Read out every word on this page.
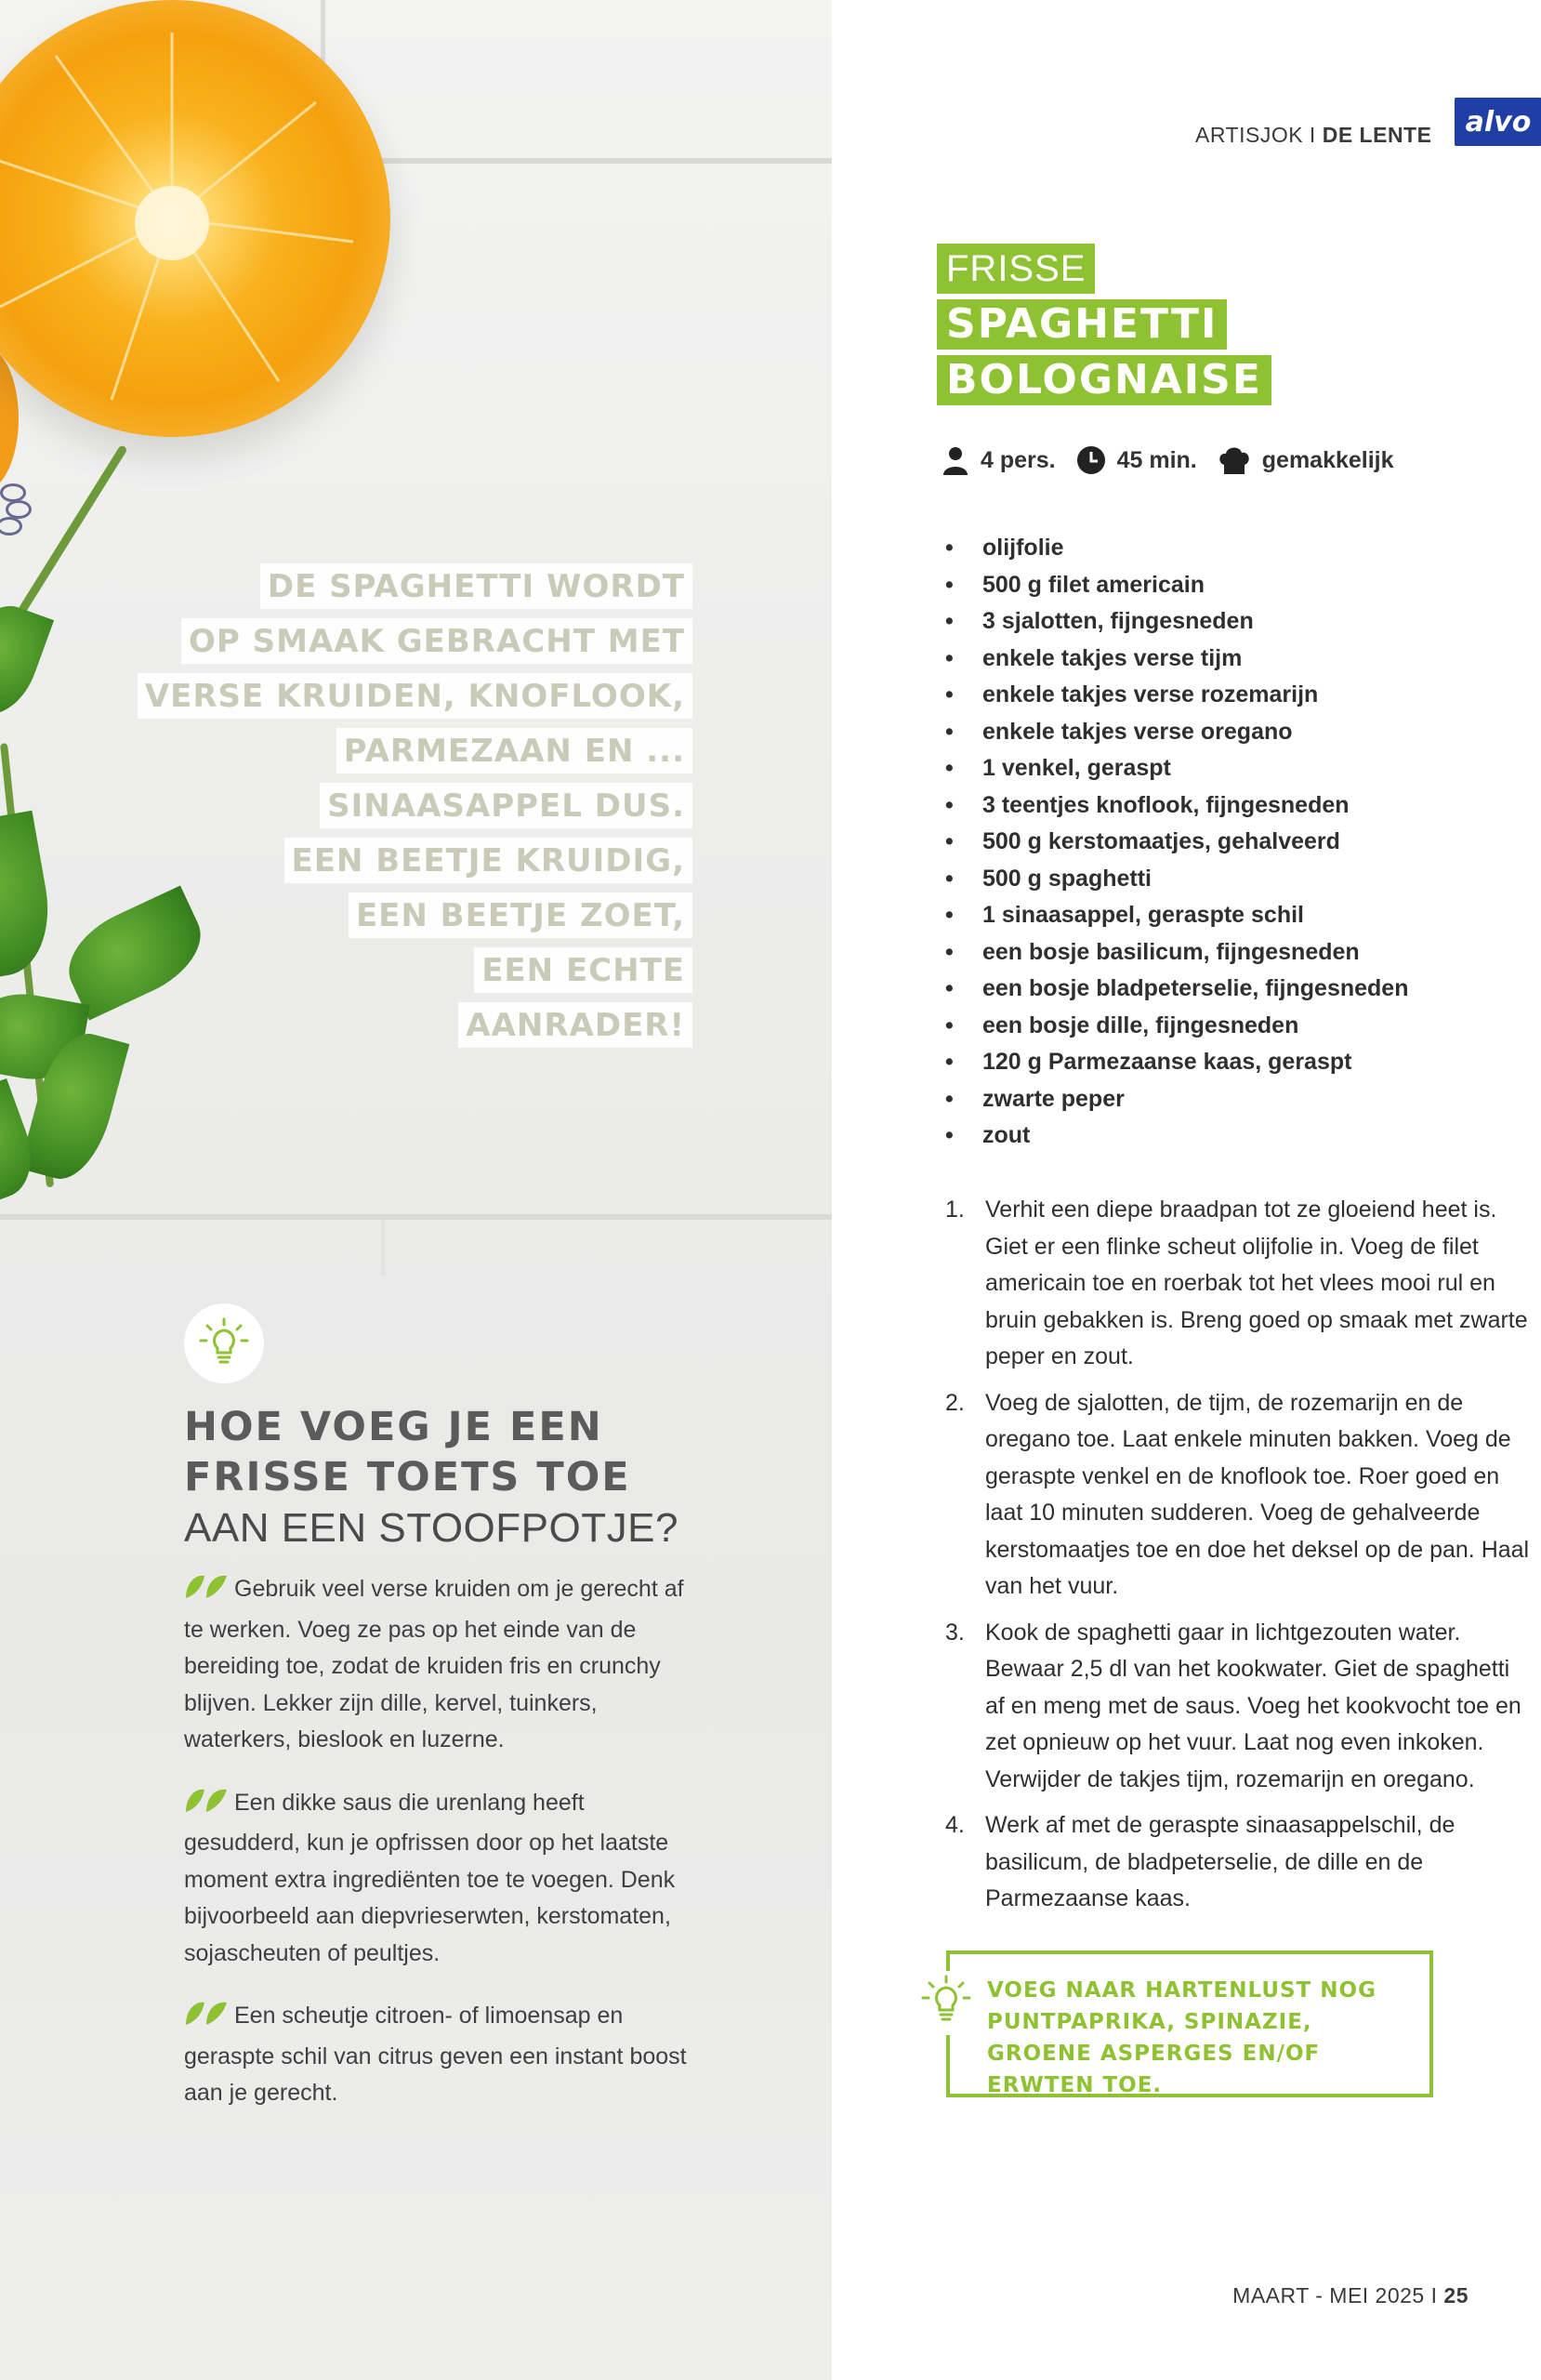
DE SPAGHETTI WORDT
OP SMAAK GEBRACHT MET
VERSE KRUIDEN, KNOFLOOK,
PARMEZAAN EN ...
SINAASAPPEL DUS.
EEN BEETJE KRUIDIG,
EEN BEETJE ZOET,
EEN ECHTE
AANRADER!
HOE VOEG JE EEN
FRISSE TOETS TOE
AAN EEN STOOFPOTJE?
Gebruik veel verse kruiden om je gerecht af te werken. Voeg ze pas op het einde van de bereiding toe, zodat de kruiden fris en crunchy blijven. Lekker zijn dille, kervel, tuinkers, waterkers, bieslook en luzerne.
Een dikke saus die urenlang heeft gesudderd, kun je opfrissen door op het laatste moment extra ingrediënten toe te voegen. Denk bijvoorbeeld aan diepvrieserwten, kerstomaten, sojascheuten of peultjes.
Een scheutje citroen- of limoensap en geraspte schil van citrus geven een instant boost aan je gerecht.
ARTISJOK I DE LENTE alvo
FRISSE
SPAGHETTI
BOLOGNAISE
4 pers.	45 min.	gemakkelijk
• olijfolie
• 500 g filet americain
• 3 sjalotten, fijngesneden
• enkele takjes verse tijm
• enkele takjes verse rozemarijn
• enkele takjes verse oregano
• 1 venkel, geraspt
• 3 teentjes knoflook, fijngesneden
• 500 g kerstomaatjes, gehalveerd
• 500 g spaghetti
• 1 sinaasappel, geraspte schil
• een bosje basilicum, fijngesneden
• een bosje bladpeterselie, fijngesneden
• een bosje dille, fijngesneden
• 120 g Parmezaanse kaas, geraspt
• zwarte peper
• zout
1. Verhit een diepe braadpan tot ze gloeiend heet is. Giet er een flinke scheut olijfolie in. Voeg de filet americain toe en roerbak tot het vlees mooi rul en bruin gebakken is. Breng goed op smaak met zwarte peper en zout.
2. Voeg de sjalotten, de tijm, de rozemarijn en de oregano toe. Laat enkele minuten bakken. Voeg de geraspte venkel en de knoflook toe. Roer goed en laat 10 minuten sudderen. Voeg de gehalveerde kerstomaatjes toe en doe het deksel op de pan. Haal van het vuur.
3. Kook de spaghetti gaar in lichtgezouten water. Bewaar 2,5 dl van het kookwater. Giet de spaghetti af en meng met de saus. Voeg het kookvocht toe en zet opnieuw op het vuur. Laat nog even inkoken. Verwijder de takjes tijm, rozemarijn en oregano.
4. Werk af met de geraspte sinaasappelschil, de basilicum, de bladpeterselie, de dille en de Parmezaanse kaas.
VOEG NAAR HARTENLUST NOG PUNTPAPRIKA, SPINAZIE, GROENE ASPERGES EN/OF ERWTEN TOE.
MAART - MEI 2025 I 25
